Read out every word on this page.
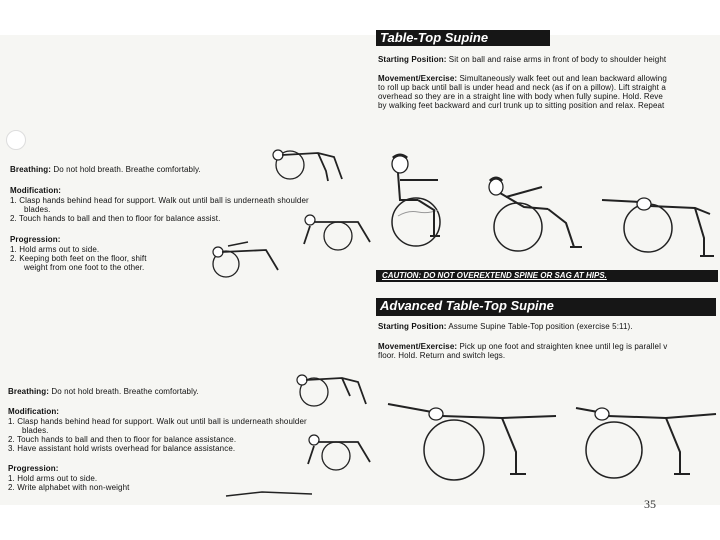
Table-Top Supine
Starting Position: Sit on ball and raise arms in front of body to shoulder height
Movement/Exercise: Simultaneously walk feet out and lean backward allowing
to roll up back until ball is under head and neck (as if on a pillow). Lift straight a
overhead so they are in a straight line with body when fully supine. Hold. Reve
by walking feet backward and curl trunk up to sitting position and relax. Repeat
CAUTION: DO NOT OVEREXTEND SPINE OR SAG AT HIPS.
Breathing: Do not hold breath. Breathe comfortably.
Modification:
1. Clasp hands behind head for support. Walk out until ball is underneath shoulder
blades.
2. Touch hands to ball and then to floor for balance assist.
Progression:
1. Hold arms out to side.
2. Keeping both feet on the floor, shift
weight from one foot to the other.
Advanced Table-Top Supine
Starting Position: Assume Supine Table-Top position (exercise 5:11).
Movement/Exercise: Pick up one foot and straighten knee until leg is parallel v
floor. Hold. Return and switch legs.
Breathing: Do not hold breath. Breathe comfortably.
Modification:
1. Clasp hands behind head for support. Walk out until ball is underneath shoulder
blades.
2. Touch hands to ball and then to floor for balance assistance.
3. Have assistant hold wrists overhead for balance assistance.
Progression:
1. Hold arms out to side.
2. Write alphabet with non-weight
35
